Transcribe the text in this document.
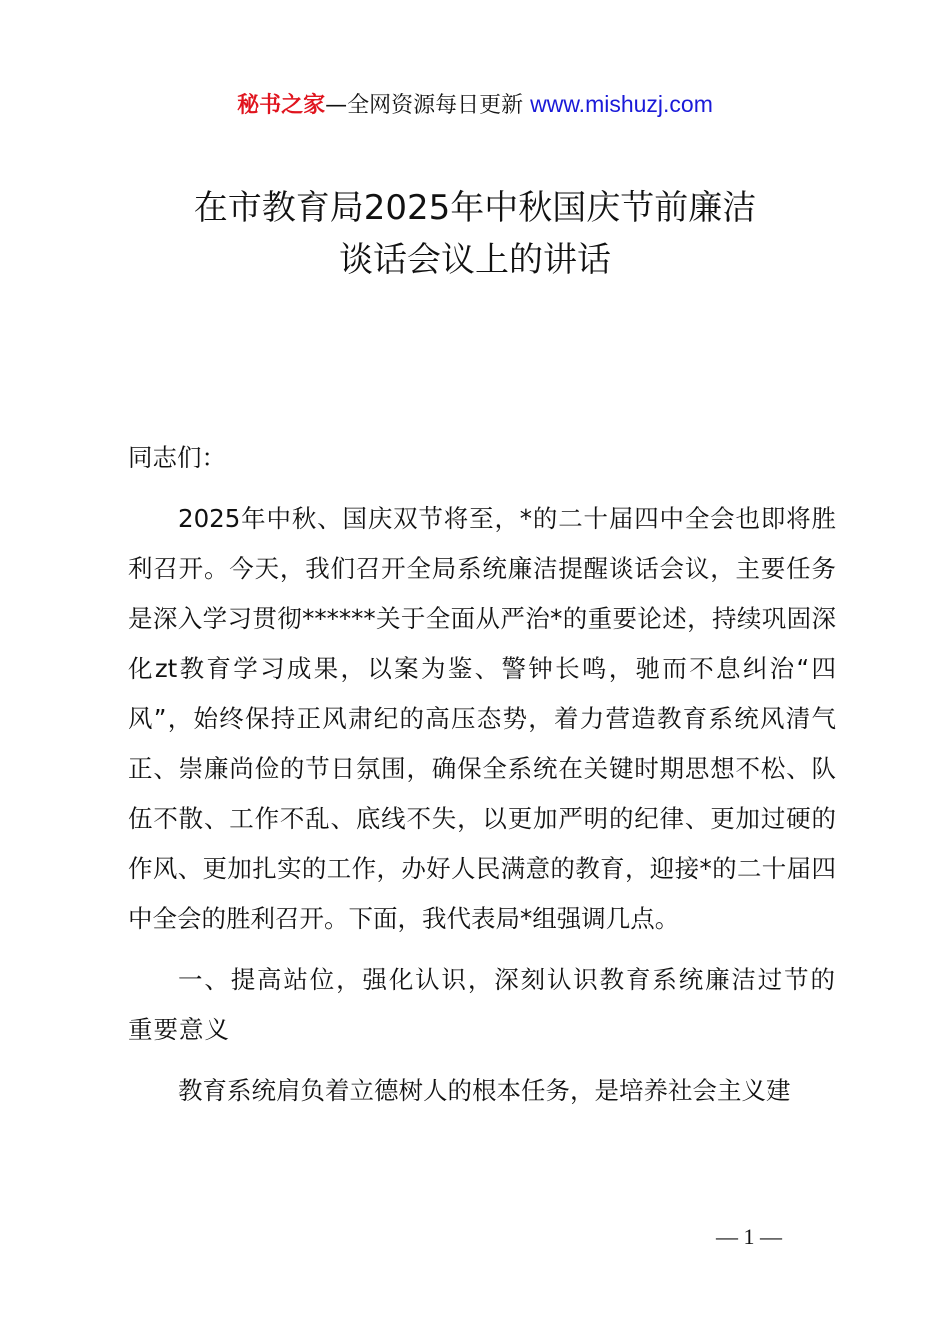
秘书之家—全网资源每日更新 www.mishuzj.com
在市教育局2025年中秋国庆节前廉洁
谈话会议上的讲话

同志们：

2025年中秋、国庆双节将至，*的二十届四中全会也即将胜利召开。今天，我们召开全局系统廉洁提醒谈话会议，主要任务是深入学习贯彻******关于全面从严治*的重要论述，持续巩固深化zt教育学习成果，以案为鉴、警钟长鸣，驰而不息纠治“四风”，始终保持正风肃纪的高压态势，着力营造教育系统风清气正、崇廉尚俭的节日氛围，确保全系统在关键时期思想不松、队伍不散、工作不乱、底线不失，以更加严明的纪律、更加过硬的作风、更加扎实的工作，办好人民满意的教育，迎接*的二十届四中全会的胜利召开。下面，我代表局*组强调几点。

一、提高站位，强化认识，深刻认识教育系统廉洁过节的重要意义

教育系统肩负着立德树人的根本任务，是培养社会主义建

— 1 —
